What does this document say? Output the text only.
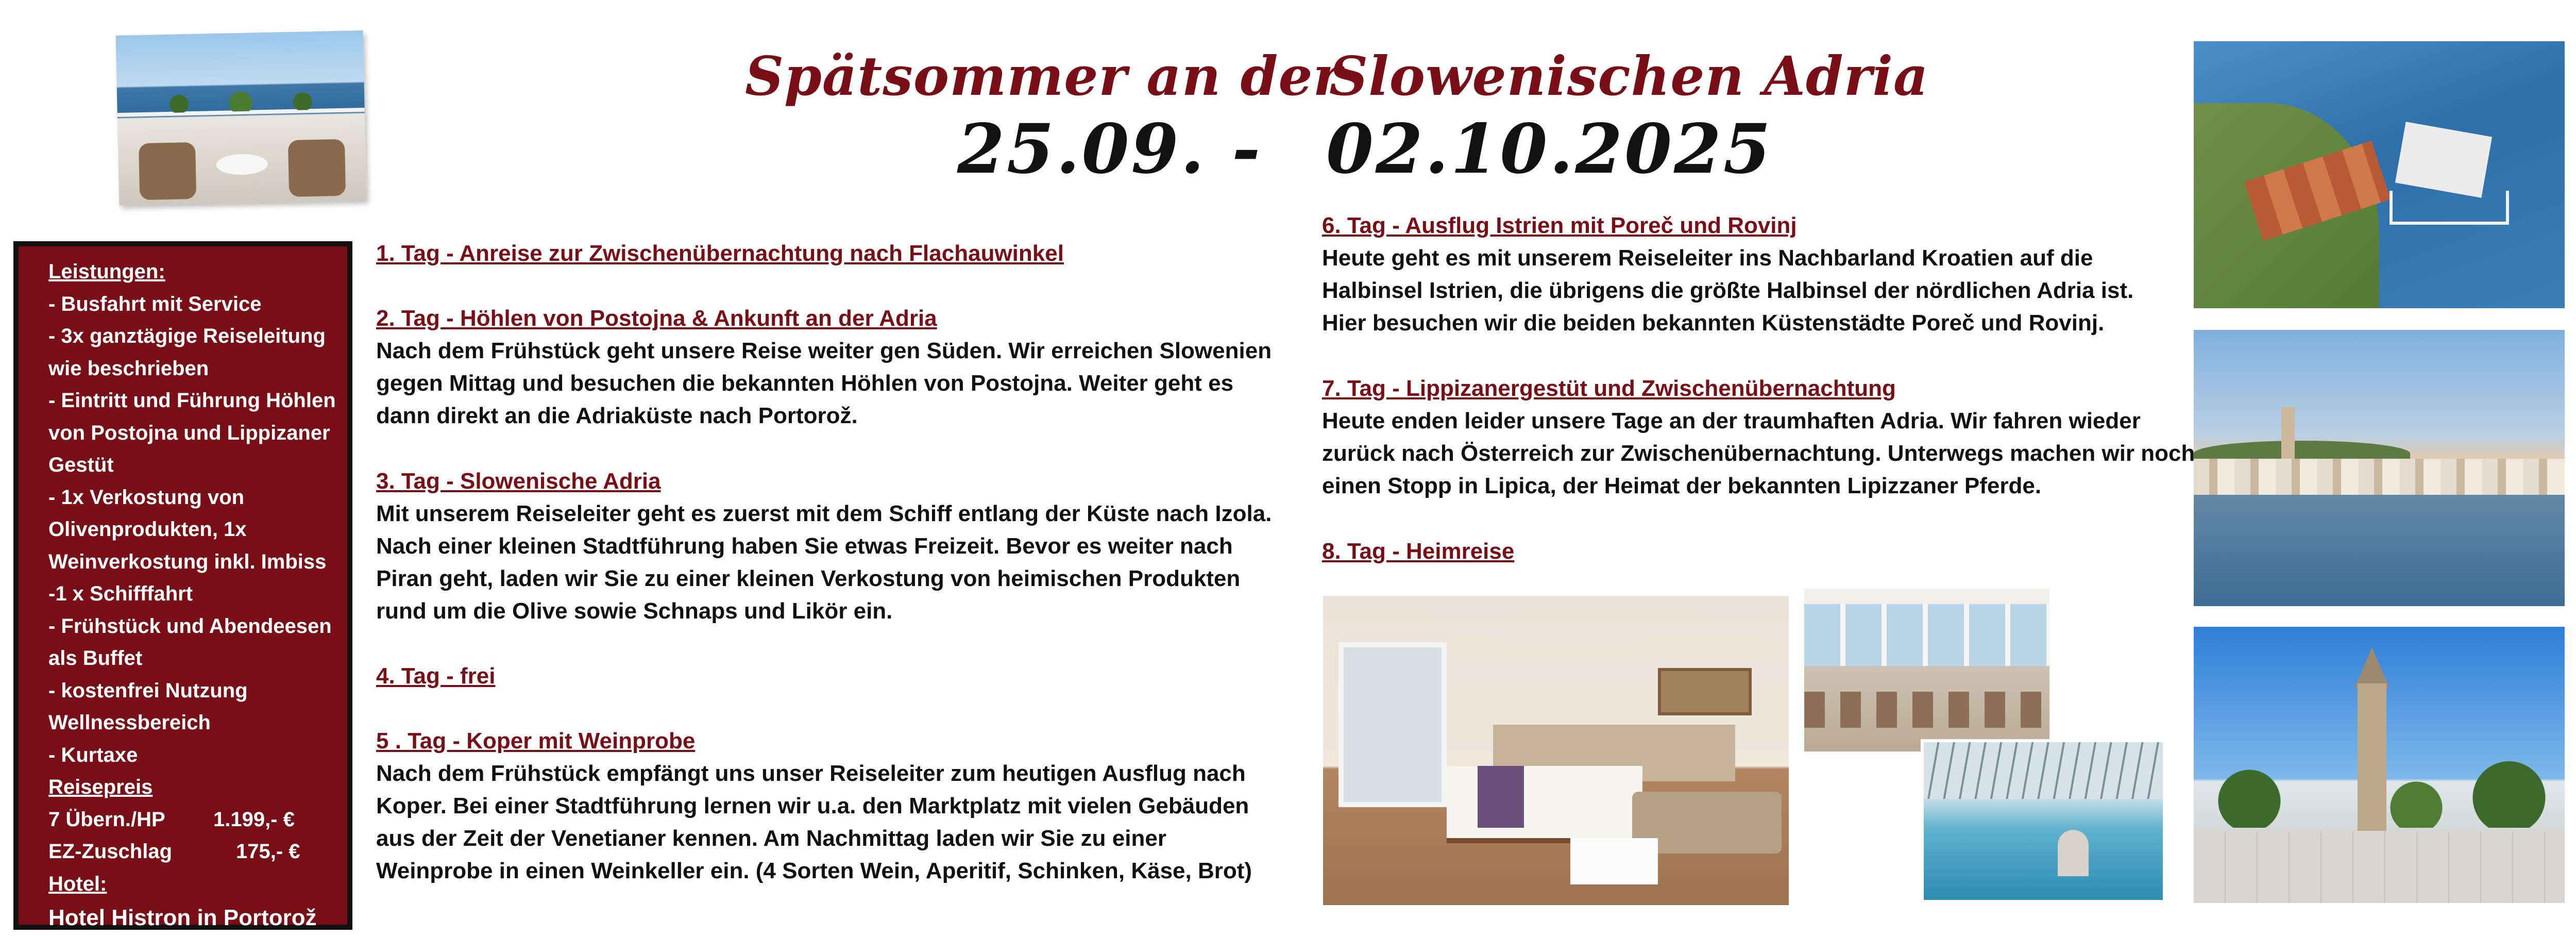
Spätsommer an der
Slowenischen Adria
25.09. - 02.10.2025
Leistungen:
- Busfahrt mit Service
- 3x ganztägige Reiseleitung
wie beschrieben
- Eintritt und Führung Höhlen
von Postojna und Lippizaner
Gestüt
- 1x Verkostung von
Olivenprodukten, 1x
Weinverkostung inkl. Imbiss
-1 x Schifffahrt
- Frühstück und Abendeesen
als Buffet
- kostenfrei Nutzung
Wellnessbereich
- Kurtaxe
Reisepreis
7 Übern./HP	1.199,- €
EZ-Zuschlag	175,- €
Hotel:
Hotel Histron in Portorož
1. Tag - Anreise zur Zwischenübernachtung nach Flachauwinkel
2. Tag - Höhlen von Postojna & Ankunft an der Adria
Nach dem Frühstück geht unsere Reise weiter gen Süden. Wir erreichen Slowenien
gegen Mittag und besuchen die bekannten Höhlen von Postojna. Weiter geht es
dann direkt an die Adriaküste nach Portorož.
3. Tag - Slowenische Adria
Mit unserem Reiseleiter geht es zuerst mit dem Schiff entlang der Küste nach Izola.
Nach einer kleinen Stadtführung haben Sie etwas Freizeit. Bevor es weiter nach
Piran geht, laden wir Sie zu einer kleinen Verkostung von heimischen Produkten
rund um die Olive sowie Schnaps und Likör ein.
4. Tag - frei
5 . Tag - Koper mit Weinprobe
Nach dem Frühstück empfängt uns unser Reiseleiter zum heutigen Ausflug nach
Koper. Bei einer Stadtführung lernen wir u.a. den Marktplatz mit vielen Gebäuden
aus der Zeit der Venetianer kennen. Am Nachmittag laden wir Sie zu einer
Weinprobe in einen Weinkeller ein. (4 Sorten Wein, Aperitif, Schinken, Käse, Brot)
6. Tag - Ausflug Istrien mit Poreč und Rovinj
Heute geht es mit unserem Reiseleiter ins Nachbarland Kroatien auf die
Halbinsel Istrien, die übrigens die größte Halbinsel der nördlichen Adria ist.
Hier besuchen wir die beiden bekannten Küstenstädte Poreč und Rovinj.
7. Tag - Lippizanergestüt und Zwischenübernachtung
Heute enden leider unsere Tage an der traumhaften Adria. Wir fahren wieder
zurück nach Österreich zur Zwischenübernachtung. Unterwegs machen wir noch
einen Stopp in Lipica, der Heimat der bekannten Lipizzaner Pferde.
8. Tag - Heimreise
